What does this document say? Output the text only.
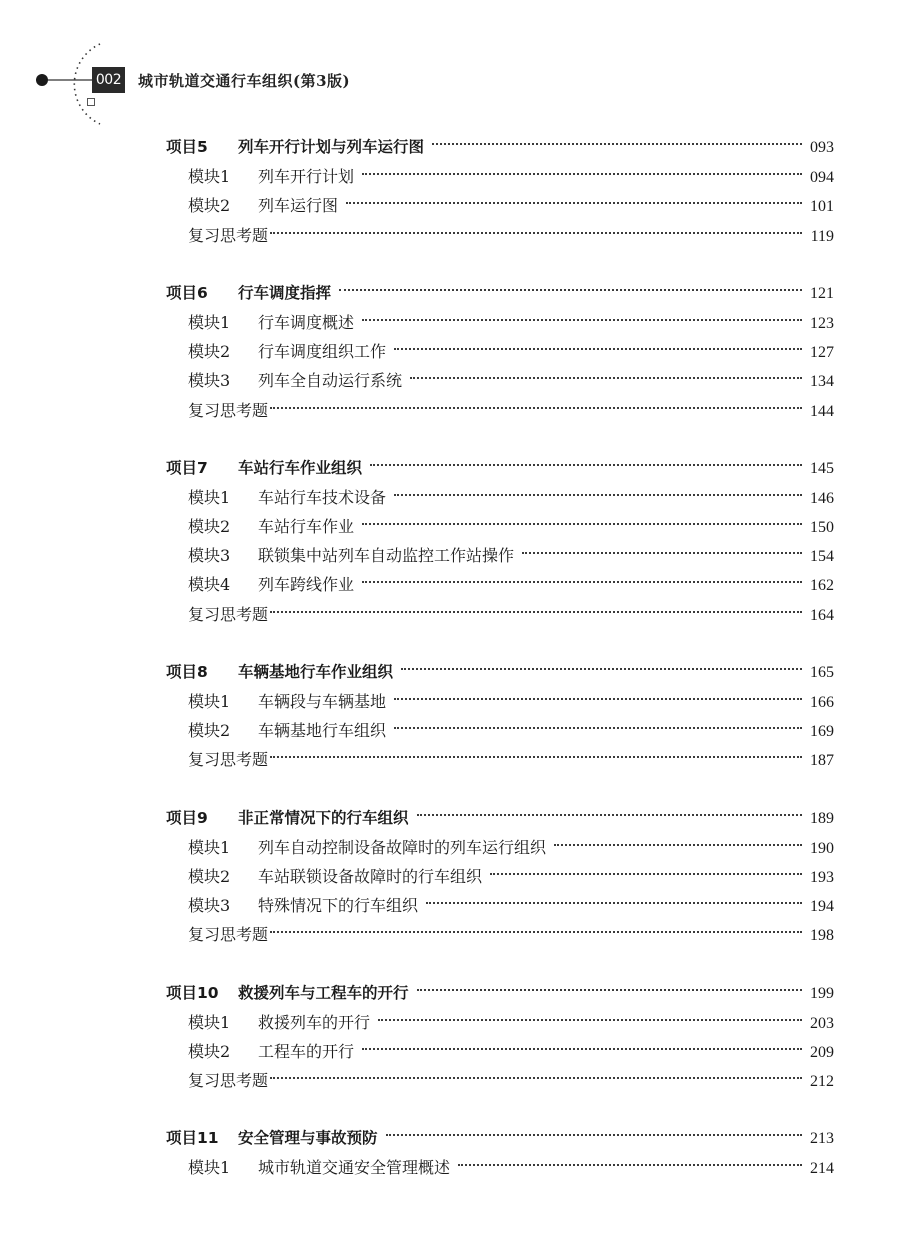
002 城市轨道交通行车组织(第3版)
项目5	列车开行计划与列车运行图	093
模块1	列车开行计划	094
模块2	列车运行图	101
复习思考题	119
项目6	行车调度指挥	121
模块1	行车调度概述	123
模块2	行车调度组织工作	127
模块3	列车全自动运行系统	134
复习思考题	144
项目7	车站行车作业组织	145
模块1	车站行车技术设备	146
模块2	车站行车作业	150
模块3	联锁集中站列车自动监控工作站操作	154
模块4	列车跨线作业	162
复习思考题	164
项目8	车辆基地行车作业组织	165
模块1	车辆段与车辆基地	166
模块2	车辆基地行车组织	169
复习思考题	187
项目9	非正常情况下的行车组织	189
模块1	列车自动控制设备故障时的列车运行组织	190
模块2	车站联锁设备故障时的行车组织	193
模块3	特殊情况下的行车组织	194
复习思考题	198
项目10	救援列车与工程车的开行	199
模块1	救援列车的开行	203
模块2	工程车的开行	209
复习思考题	212
项目11	安全管理与事故预防	213
模块1	城市轨道交通安全管理概述	214
